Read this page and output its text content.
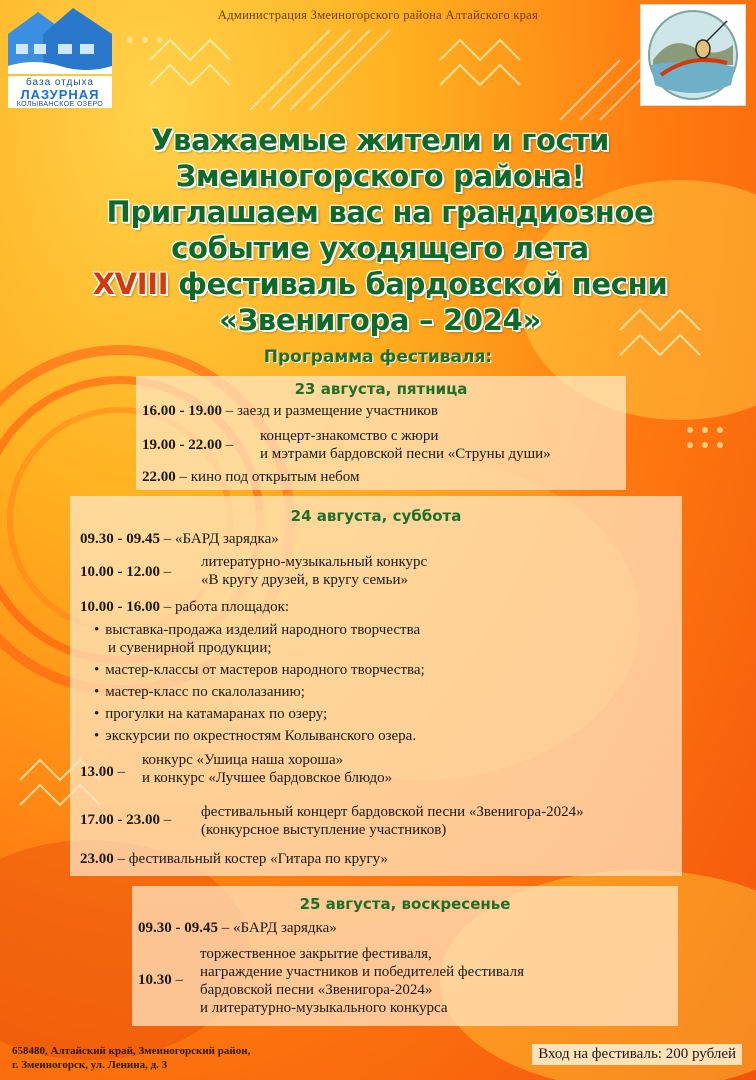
Администрация Змеиногорского района Алтайского края
база отдыха
ЛАЗУРНАЯ
КОЛЫВАНСКОЕ ОЗЕРО
Уважаемые жители и гости
Змеиногорского района!
Приглашаем вас на грандиозное
событие уходящего лета
XVIII фестиваль бардовской песни
«Звенигора – 2024»
Программа фестиваля:
23 августа, пятница
16.00 - 19.00 – заезд и размещение участников
19.00 - 22.00 –
концерт-знакомство с жюри
и мэтрами бардовской песни «Струны души»
22.00 – кино под открытым небом
24 августа, суббота
09.30 - 09.45 – «БАРД зарядка»
10.00 - 12.00 –
литературно-музыкальный конкурс
«В кругу друзей, в кругу семьи»
10.00 - 16.00 – работа площадок:
• выставка-продажа изделий народного творчества
и сувенирной продукции;
• мастер-классы от мастеров народного творчества;
• мастер-класс по скалолазанию;
• прогулки на катамаранах по озеру;
• экскурсии по окрестностям Колыванского озера.
13.00 –
конкурс «Ушица наша хороша»
и конкурс «Лучшее бардовское блюдо»
17.00 - 23.00 – фестивальный концерт бардовской песни «Звенигора-2024»
(конкурсное выступление участников)
23.00 – фестивальный костер «Гитара по кругу»
25 августа, воскресенье
09.30 - 09.45 – «БАРД зарядка»
10.30 –
торжественное закрытие фестиваля,
награждение участников и победителей фестиваля
бардовской песни «Звенигора-2024»
и литературно-музыкального конкурса
658480, Алтайский край, Змеиногорский район,
г. Змеиногорск, ул. Ленина, д. 3
Вход на фестиваль: 200 рублей
